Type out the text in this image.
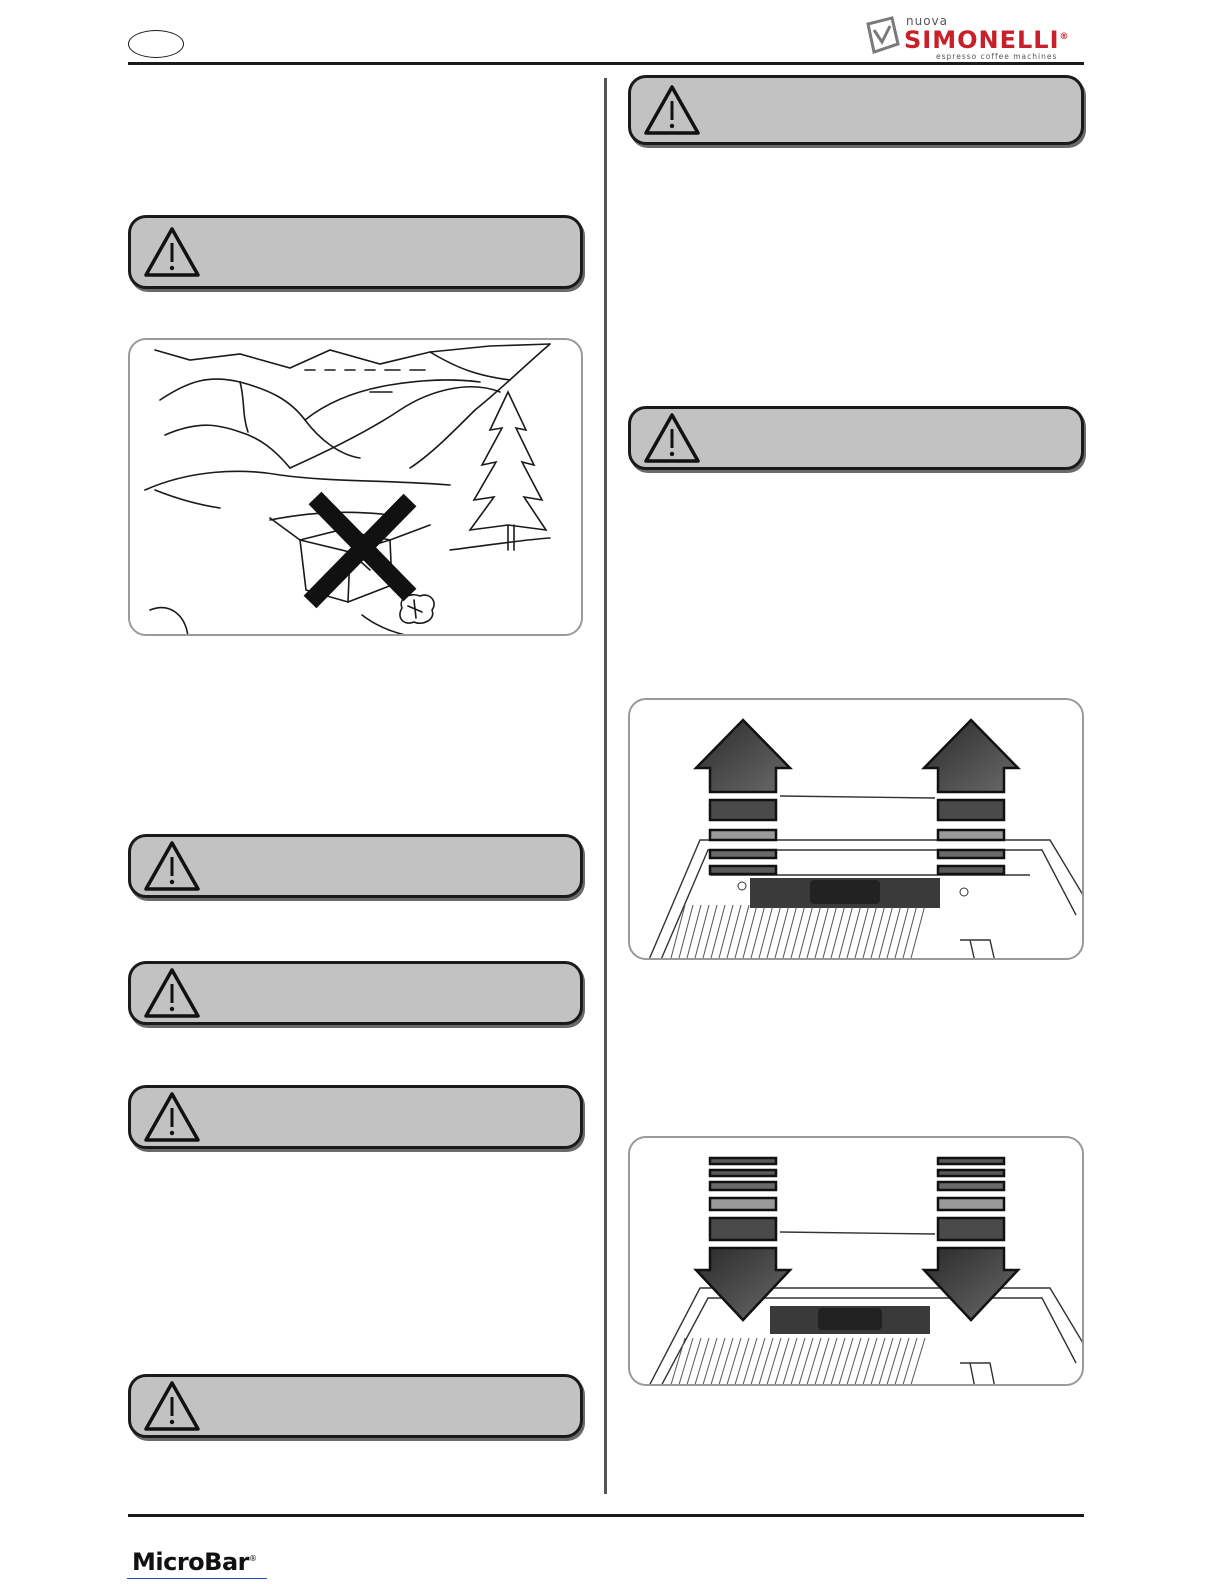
nuova
SIMONELLI®
espresso coffee machines
MicroBar®
